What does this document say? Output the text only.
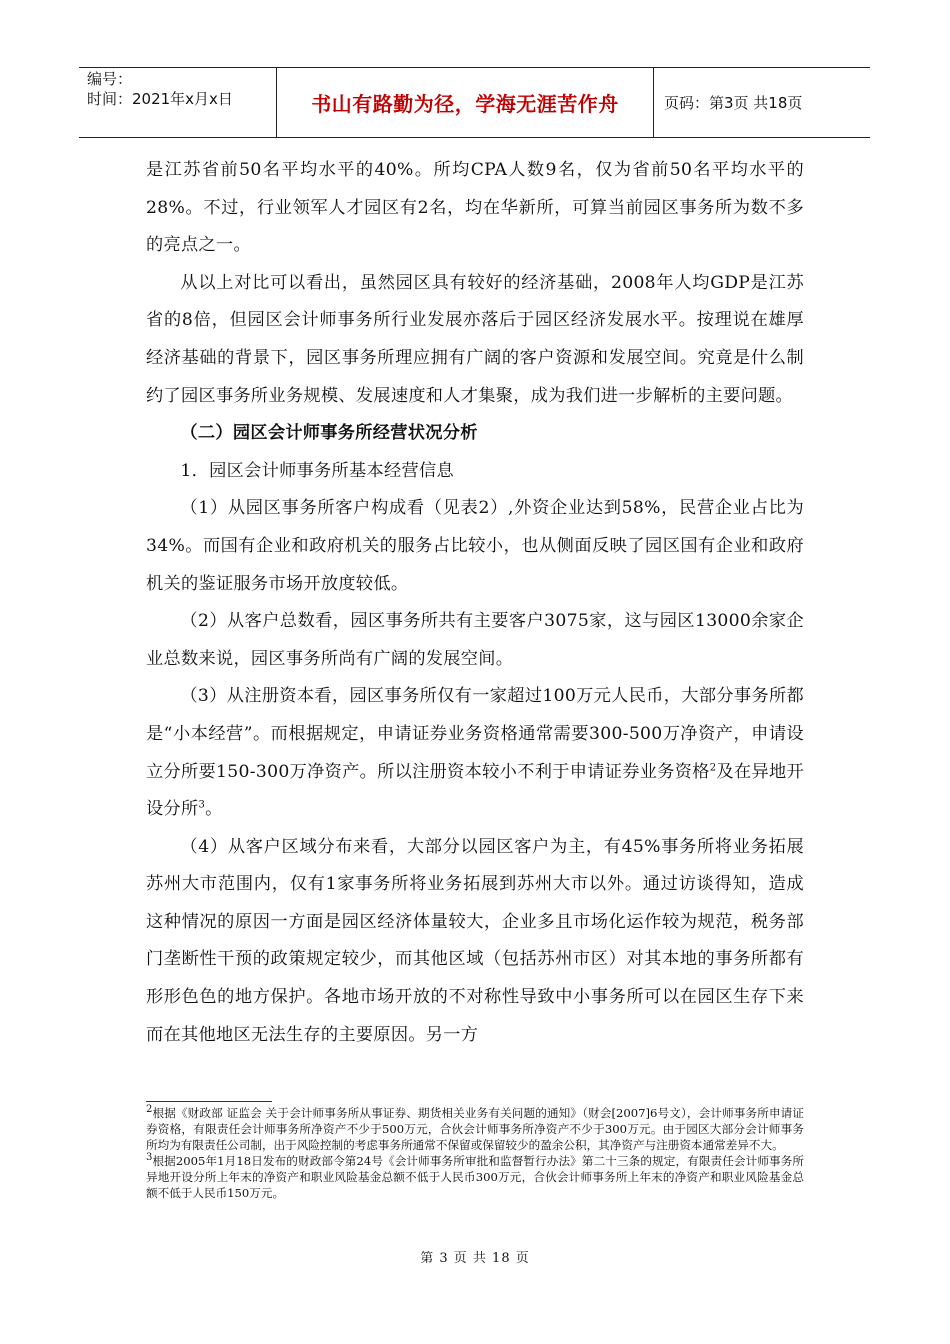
编号：
时间：2021年x月x日	书山有路勤为径，学海无涯苦作舟	页码：第3页 共18页

是江苏省前50名平均水平的40%。所均CPA人数9名，仅为省前50名平均水平的28%。不过，行业领军人才园区有2名，均在华新所，可算当前园区事务所为数不多的亮点之一。

从以上对比可以看出，虽然园区具有较好的经济基础，2008年人均GDP是江苏省的8倍，但园区会计师事务所行业发展亦落后于园区经济发展水平。按理说在雄厚经济基础的背景下，园区事务所理应拥有广阔的客户资源和发展空间。究竟是什么制约了园区事务所业务规模、发展速度和人才集聚，成为我们进一步解析的主要问题。

（二）园区会计师事务所经营状况分析

1．园区会计师事务所基本经营信息

（1）从园区事务所客户构成看（见表2）,外资企业达到58%，民营企业占比为34%。而国有企业和政府机关的服务占比较小，也从侧面反映了园区国有企业和政府机关的鉴证服务市场开放度较低。

（2）从客户总数看，园区事务所共有主要客户3075家，这与园区13000余家企业总数来说，园区事务所尚有广阔的发展空间。

（3）从注册资本看，园区事务所仅有一家超过100万元人民币，大部分事务所都是“小本经营”。而根据规定，申请证券业务资格通常需要300-500万净资产，申请设立分所要150-300万净资产。所以注册资本较小不利于申请证券业务资格$^2$及在异地开设分所$^3$。

（4）从客户区域分布来看，大部分以园区客户为主，有45%事务所将业务拓展苏州大市范围内，仅有1家事务所将业务拓展到苏州大市以外。通过访谈得知，造成这种情况的原因一方面是园区经济体量较大，企业多且市场化运作较为规范，税务部门垄断性干预的政策规定较少，而其他区域（包括苏州市区）对其本地的事务所都有形形色色的地方保护。各地市场开放的不对称性导致中小事务所可以在园区生存下来而在其他地区无法生存的主要原因。另一方

$^2$根据《财政部 证监会 关于会计师事务所从事证券、期货相关业务有关问题的通知》（财会[2007]6号文），会计师事务所申请证券资格，有限责任会计师事务所净资产不少于500万元，合伙会计师事务所净资产不少于300万元。由于园区大部分会计师事务所均为有限责任公司制，出于风险控制的考虑事务所通常不保留或保留较少的盈余公积，其净资产与注册资本通常差异不大。

$^3$根据2005年1月18日发布的财政部令第24号《会计师事务所审批和监督暂行办法》第二十三条的规定，有限责任会计师事务所异地开设分所上年末的净资产和职业风险基金总额不低于人民币300万元，合伙会计师事务所上年末的净资产和职业风险基金总额不低于人民币150万元。

第 3 页 共 18 页
